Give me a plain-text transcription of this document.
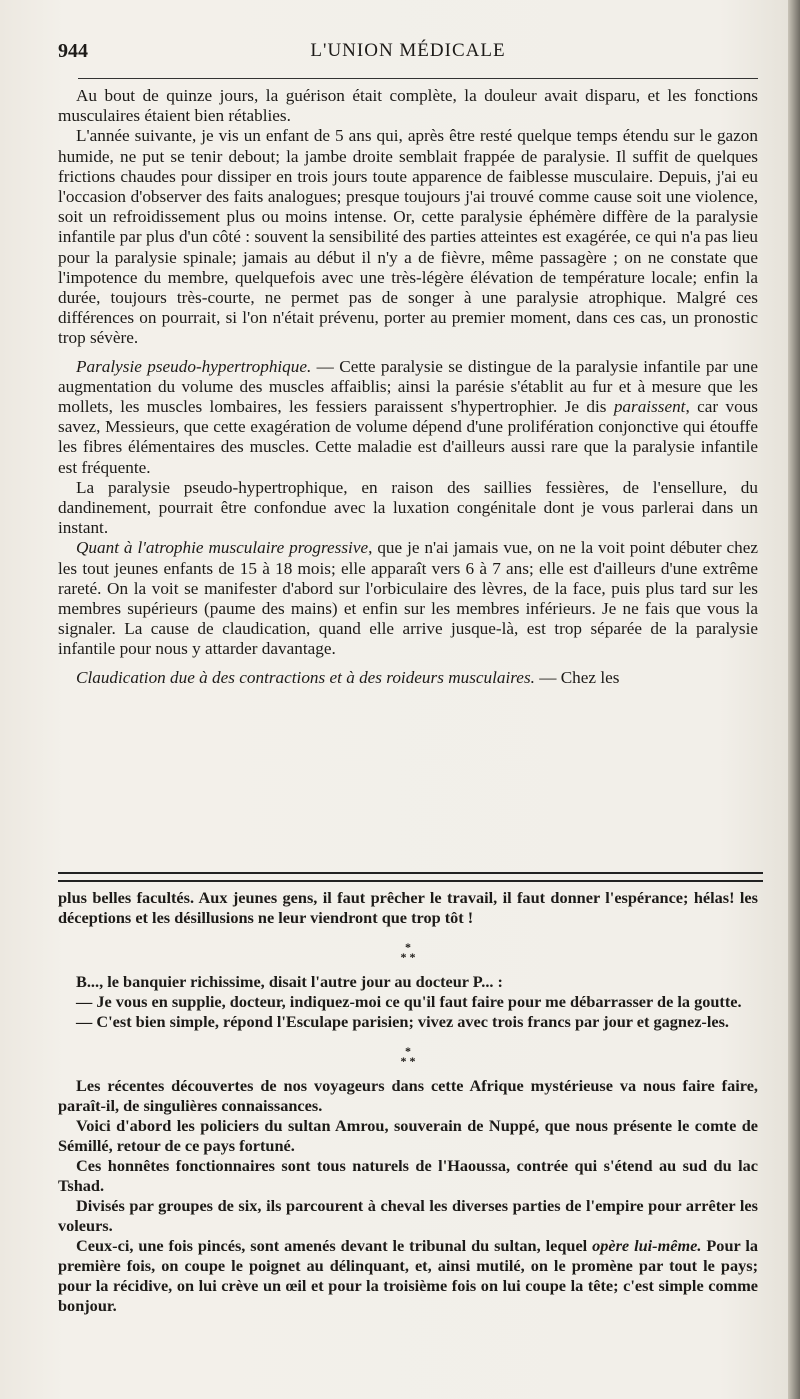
944	L'UNION MÉDICALE

Au bout de quinze jours, la guérison était complète, la douleur avait disparu, et les fonctions musculaires étaient bien rétablies.

L'année suivante, je vis un enfant de 5 ans qui, après être resté quelque temps étendu sur le gazon humide, ne put se tenir debout; la jambe droite semblait frappée de paralysie. Il suffit de quelques frictions chaudes pour dissiper en trois jours toute apparence de faiblesse musculaire. Depuis, j'ai eu l'occasion d'observer des faits analogues; presque toujours j'ai trouvé comme cause soit une violence, soit un refroidissement plus ou moins intense. Or, cette paralysie éphémère diffère de la paralysie infantile par plus d'un côté : souvent la sensibilité des parties atteintes est exagérée, ce qui n'a pas lieu pour la paralysie spinale; jamais au début il n'y a de fièvre, même passagère ; on ne constate que l'impotence du membre, quelquefois avec une très-légère élévation de température locale; enfin la durée, toujours très-courte, ne permet pas de songer à une paralysie atrophique. Malgré ces différences on pourrait, si l'on n'était prévenu, porter au premier moment, dans ces cas, un pronostic trop sévère.

Paralysie pseudo-hypertrophique. — Cette paralysie se distingue de la paralysie infantile par une augmentation du volume des muscles affaiblis; ainsi la parésie s'établit au fur et à mesure que les mollets, les muscles lombaires, les fessiers paraissent s'hypertrophier. Je dis paraissent, car vous savez, Messieurs, que cette exagération de volume dépend d'une prolifération conjonctive qui étouffe les fibres élémentaires des muscles. Cette maladie est d'ailleurs aussi rare que la paralysie infantile est fréquente.

La paralysie pseudo-hypertrophique, en raison des saillies fessières, de l'ensellure, du dandinement, pourrait être confondue avec la luxation congénitale dont je vous parlerai dans un instant.

Quant à l'atrophie musculaire progressive, que je n'ai jamais vue, on ne la voit point débuter chez les tout jeunes enfants de 15 à 18 mois; elle apparaît vers 6 à 7 ans; elle est d'ailleurs d'une extrême rareté. On la voit se manifester d'abord sur l'orbiculaire des lèvres, de la face, puis plus tard sur les membres supérieurs (paume des mains) et enfin sur les membres inférieurs. Je ne fais que vous la signaler. La cause de claudication, quand elle arrive jusque-là, est trop séparée de la paralysie infantile pour nous y attarder davantage.

Claudication due à des contractions et à des roideurs musculaires. — Chez les

plus belles facultés. Aux jeunes gens, il faut prêcher le travail, il faut donner l'espérance; hélas! les déceptions et les désillusions ne leur viendront que trop tôt !

*
* *

B..., le banquier richissime, disait l'autre jour au docteur P... :

— Je vous en supplie, docteur, indiquez-moi ce qu'il faut faire pour me débarrasser de la goutte.

— C'est bien simple, répond l'Esculape parisien; vivez avec trois francs par jour et gagnez-les.

*
* *

Les récentes découvertes de nos voyageurs dans cette Afrique mystérieuse va nous faire faire, paraît-il, de singulières connaissances.

Voici d'abord les policiers du sultan Amrou, souverain de Nuppé, que nous présente le comte de Sémillé, retour de ce pays fortuné.

Ces honnêtes fonctionnaires sont tous naturels de l'Haoussa, contrée qui s'étend au sud du lac Tshad.

Divisés par groupes de six, ils parcourent à cheval les diverses parties de l'empire pour arrêter les voleurs.

Ceux-ci, une fois pincés, sont amenés devant le tribunal du sultan, lequel opère lui-même. Pour la première fois, on coupe le poignet au délinquant, et, ainsi mutilé, on le promène par tout le pays; pour la récidive, on lui crève un œil et pour la troisième fois on lui coupe la tête; c'est simple comme bonjour.
